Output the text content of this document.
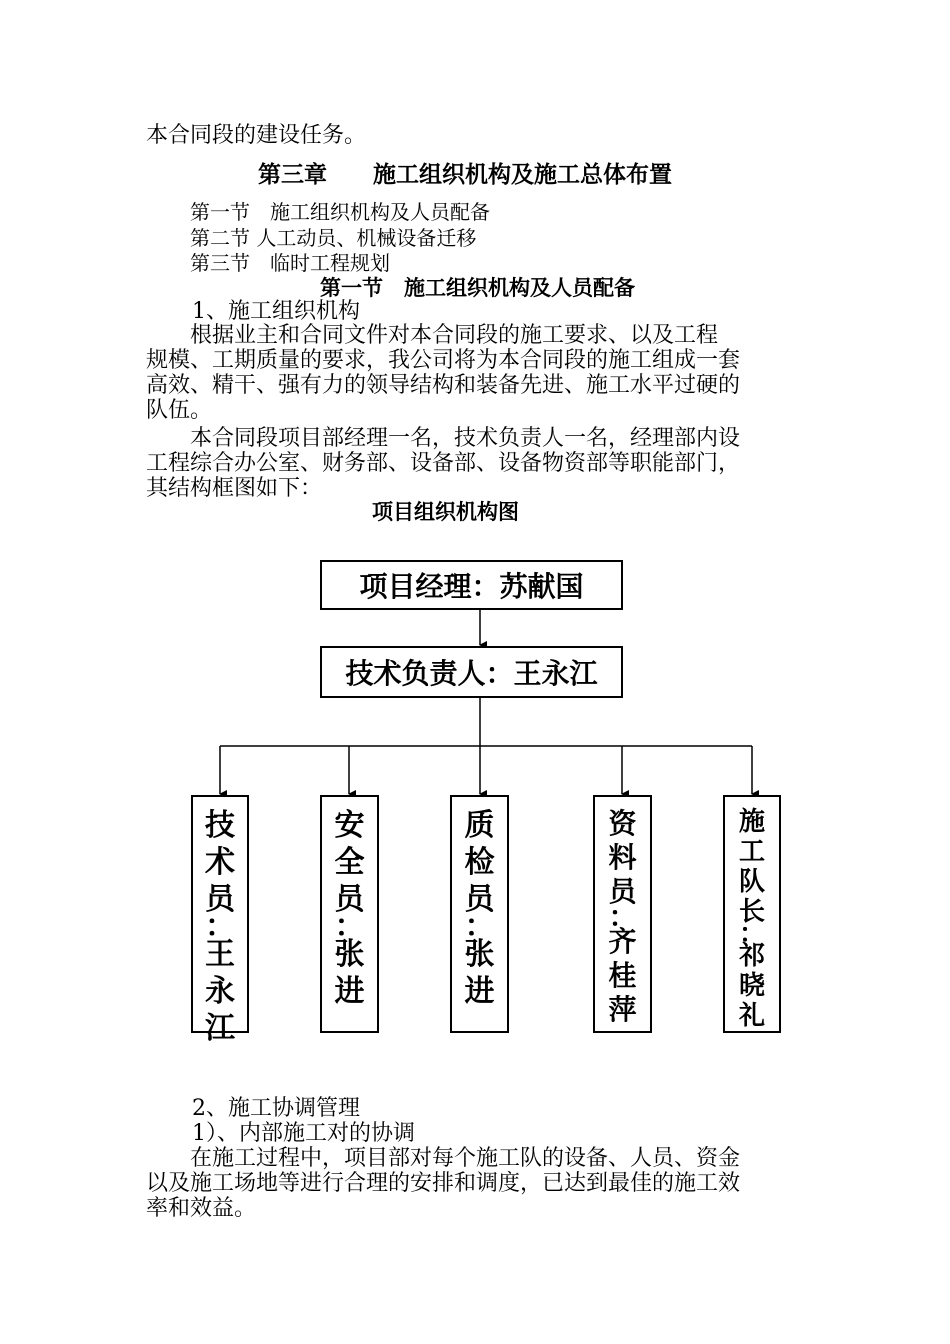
本合同段的建设任务。
第三章　　施工组织机构及施工总体布置
第一节　施工组织机构及人员配备
第二节 人工动员、机械设备迁移
第三节　临时工程规划
第一节　施工组织机构及人员配备
1、施工组织机构
　　根据业主和合同文件对本合同段的施工要求、以及工程
规模、工期质量的要求，我公司将为本合同段的施工组成一套
高效、精干、强有力的领导结构和装备先进、施工水平过硬的
队伍。
　　本合同段项目部经理一名，技术负责人一名，经理部内设
工程综合办公室、财务部、设备部、设备物资部等职能部门，
其结构框图如下：
项目组织机构图
项目经理：苏献国
技术负责人：王永江
技
术
员
：
王
永
江
安
全
员
：
张
进
质
检
员
：
张
进
资
料
员
：
齐
桂
萍
施
工
队
长
：
祁
晓
礼
2、施工协调管理
1）、内部施工对的协调
　　在施工过程中，项目部对每个施工队的设备、人员、资金
以及施工场地等进行合理的安排和调度，已达到最佳的施工效
率和效益。
